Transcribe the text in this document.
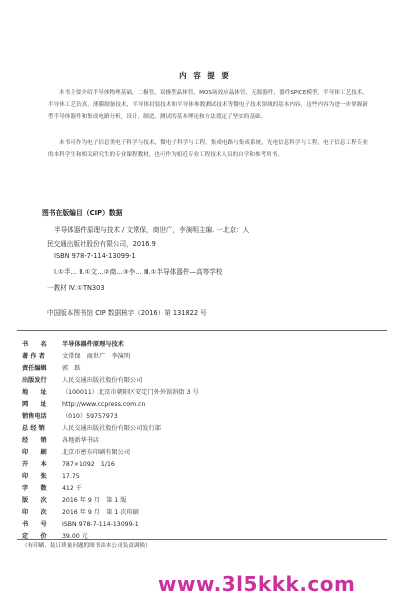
内 容 提 要
本书主要介绍半导体物理基础，二极管，双极型晶体管，MOS场效应晶体管，无源器件，器件SPICE模型，半导体工艺技术，半导体工艺仿真，薄膜制备技术，半导体封装技术和半导体参数测试技术等微电子技术领域的基本内容，这些内容为进一步掌握新型半导体器件和集成电路分析，设计，制造，测试的基本理论和方法奠定了坚实的基础。
本书可作为电子信息类电子科学与技术，微电子科学与工程，集成电路与集成系统，光电信息科学与工程，电子信息工程专业的本科学生和相关研究生的专业课程教材，也可作为相近专业工程技术人员的自学和参考用书。
图书在版编目（CIP）数据
半导体器件原理与技术 / 文常保，商世广，李演明主编. 一北京：人
民交通出版社股份有限公司，2016.9
ISBN 978-7-114-13099-1
Ⅰ.①半… Ⅱ.①文…②商…③李… Ⅲ.①半导体器件—高等学校
一教材 Ⅳ.①TN303
中国版本图书馆 CIP 数据核字（2016）第 131822 号
书　　名 半导体器件原理与技术
著 作 者	文常保　商世广　李演明
责任编辑 郭　跃
出版发行 人民交通出版社股份有限公司
地　　址 （100011）北京市朝阳区安定门外外馆斜街 3 号
网　　址 http://www.ccpress.com.cn
销售电话 （010）59757973
总 经 销	人民交通出版社股份有限公司发行部
经　　销 各地新华书店
印　　刷 北京市密东印刷有限公司
开　　本 787×1092　1/16
印　　张 17.75
字　　数 412 千
版　　次 2016 年 9 月　第 1 版
印　　次 2016 年 9 月　第 1 次印刷
书　　号 ISBN 978-7-114-13099-1
定　　价 39.00 元
（有印刷、装订质量问题的图书由本公司负责调换）
www.3l5kkk.com
